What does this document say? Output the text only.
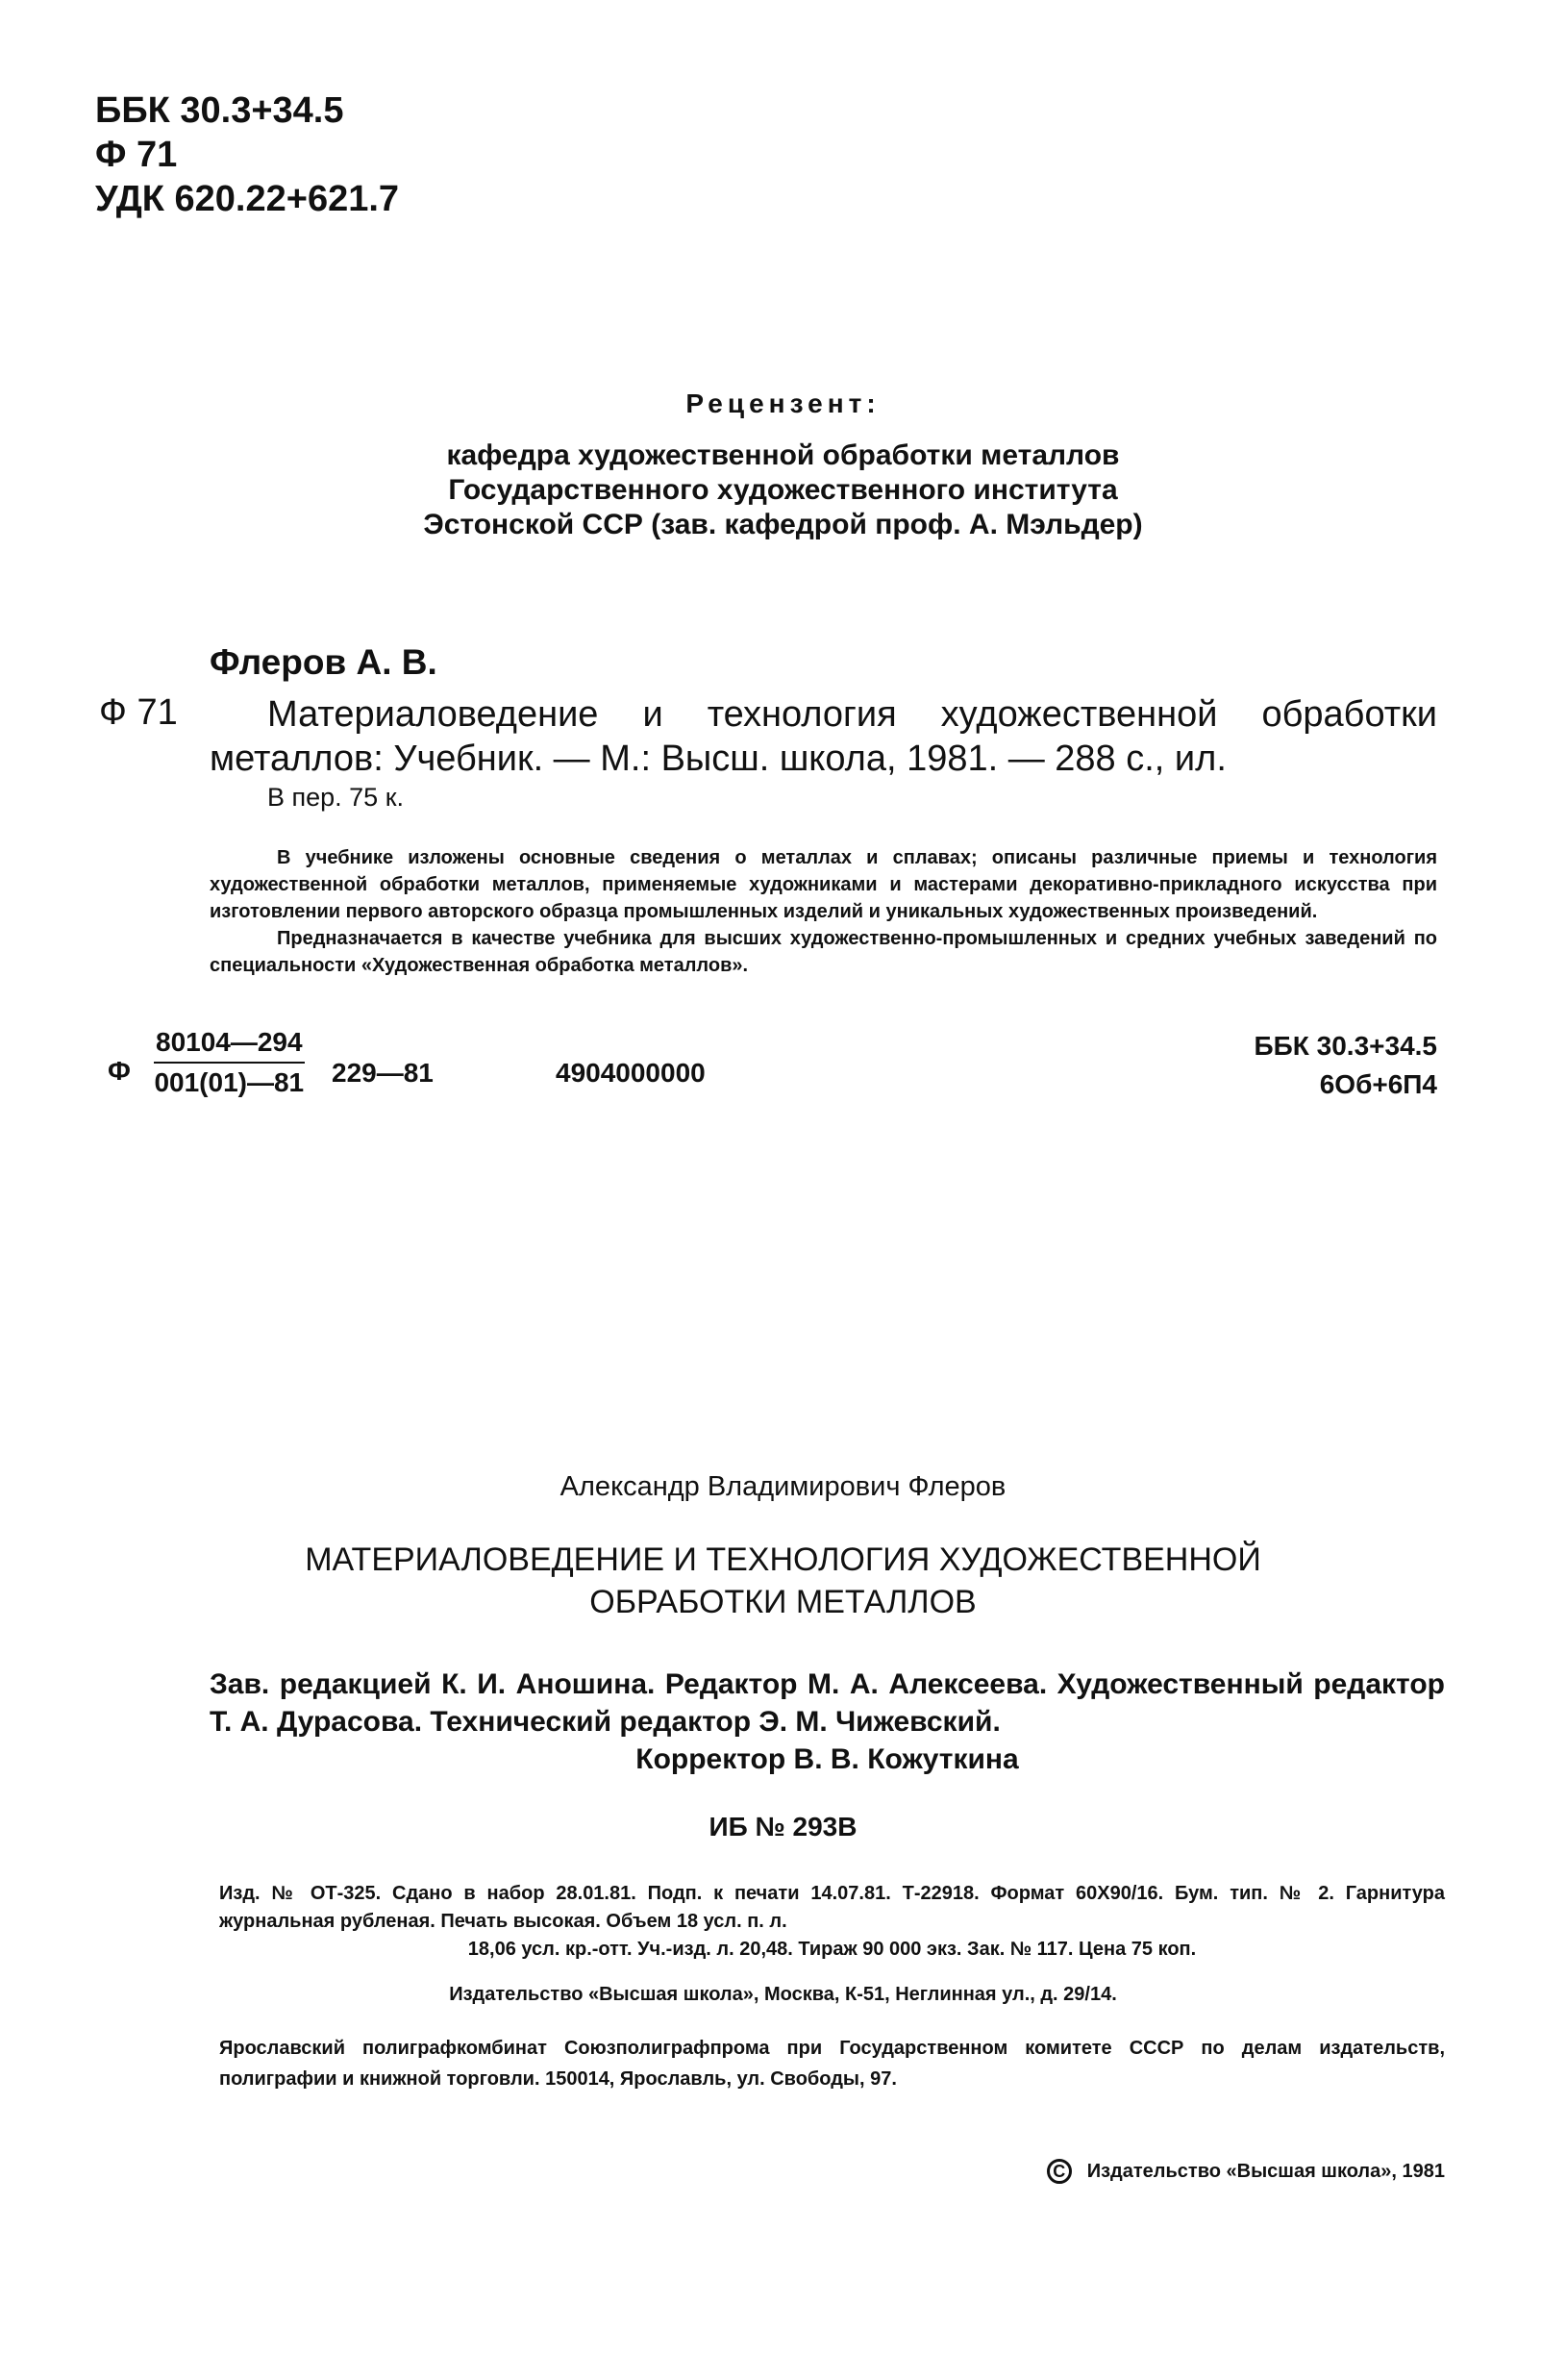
ББК 30.3+34.5
Ф 71
УДК 620.22+621.7
Рецензент:
кафедра художественной обработки металлов
Государственного художественного института
Эстонской ССР (зав. кафедрой проф. А. Мэльдер)
Флеров А. В.
Ф 71	Материаловедение и технология художественной обработки металлов: Учебник. — М.: Высш. школа, 1981. — 288 с., ил.
В пер. 75 к.

В учебнике изложены основные сведения о металлах и сплавах; описаны различные приемы и технология художественной обработки металлов, применяемые художниками и мастерами декоративно-прикладного искусства при изготовлении первого авторского образца промышленных изделий и уникальных художественных произведений.

Предназначается в качестве учебника для высших художественно-промышленных и средних учебных заведений по специальности «Художественная обработка металлов».

Ф $\frac{80104—294}{001(01)—81}$ 229—81	4904000000
ББК 30.3+34.5
6Об+6П4
Александр Владимирович Флеров
МАТЕРИАЛОВЕДЕНИЕ И ТЕХНОЛОГИЯ ХУДОЖЕСТВЕННОЙ
ОБРАБОТКИ МЕТАЛЛОВ
Зав. редакцией К. И. Аношина. Редактор М. А. Алексеева. Художественный редактор Т. А. Дурасова. Технический редактор Э. М. Чижевский.
Корректор В. В. Кожуткина
ИБ № 293В
Изд. № ОТ-325. Сдано в набор 28.01.81. Подп. к печати 14.07.81. Т-22918. Формат 60Х90/16. Бум. тип. № 2. Гарнитура журнальная рубленая. Печать высокая. Объем 18 усл. п. л.
18,06 усл. кр.-отт. Уч.-изд. л. 20,48. Тираж 90 000 экз. Зак. № 117. Цена 75 коп.
Издательство «Высшая школа», Москва, К-51, Неглинная ул., д. 29/14.
Ярославский полиграфкомбинат Союзполиграфпрома при Государственном комитете СССР по делам издательств, полиграфии и книжной торговли. 150014, Ярославль, ул. Свободы, 97.
C	Издательство «Высшая школа», 1981
